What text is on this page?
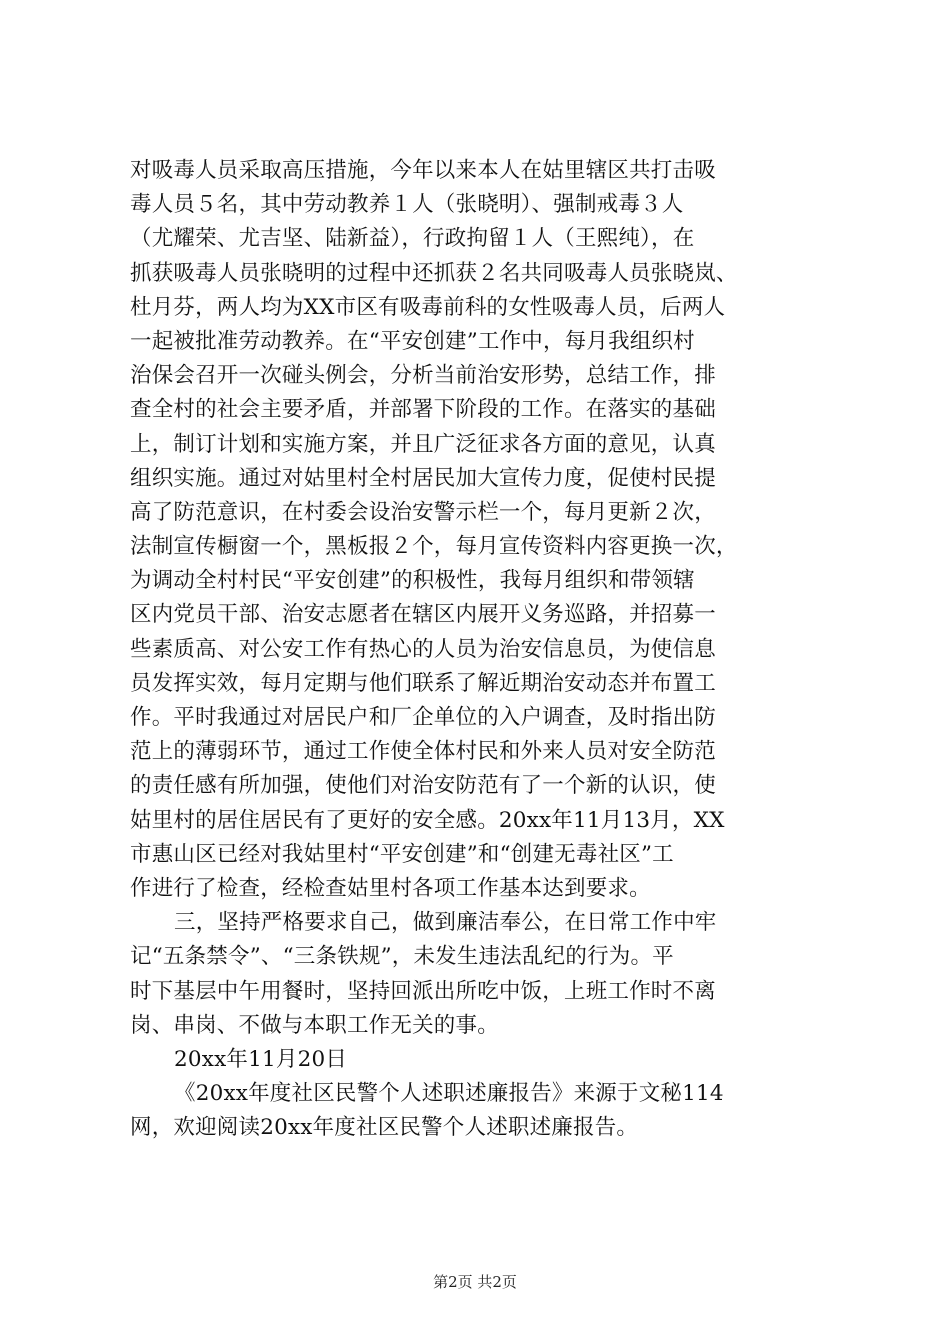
对吸毒人员采取高压措施，今年以来本人在姑里辖区共打击吸
毒人员５名，其中劳动教养１人（张晓明）、强制戒毒３人
（尤耀荣、尤吉坚、陆新益），行政拘留１人（王熙纯），在
抓获吸毒人员张晓明的过程中还抓获２名共同吸毒人员张晓岚、
杜月芬，两人均为XX市区有吸毒前科的女性吸毒人员，后两人
一起被批准劳动教养。在“平安创建”工作中，每月我组织村
治保会召开一次碰头例会，分析当前治安形势，总结工作，排
查全村的社会主要矛盾，并部署下阶段的工作。在落实的基础
上，制订计划和实施方案，并且广泛征求各方面的意见，认真
组织实施。通过对姑里村全村居民加大宣传力度，促使村民提
高了防范意识，在村委会设治安警示栏一个，每月更新２次，
法制宣传橱窗一个，黑板报２个，每月宣传资料内容更换一次，
为调动全村村民“平安创建”的积极性，我每月组织和带领辖
区内党员干部、治安志愿者在辖区内展开义务巡路，并招募一
些素质高、对公安工作有热心的人员为治安信息员，为使信息
员发挥实效，每月定期与他们联系了解近期治安动态并布置工
作。平时我通过对居民户和厂企单位的入户调查，及时指出防
范上的薄弱环节，通过工作使全体村民和外来人员对安全防范
的责任感有所加强，使他们对治安防范有了一个新的认识，使
姑里村的居住居民有了更好的安全感。20xx年11月13月，XX
市惠山区已经对我姑里村“平安创建”和“创建无毒社区”工
作进行了检查，经检查姑里村各项工作基本达到要求。
三，坚持严格要求自己，做到廉洁奉公，在日常工作中牢
记“五条禁令”、“三条铁规”，未发生违法乱纪的行为。平
时下基层中午用餐时，坚持回派出所吃中饭，上班工作时不离
岗、串岗、不做与本职工作无关的事。
20xx年11月20日
《20xx年度社区民警个人述职述廉报告》来源于文秘114
网，欢迎阅读20xx年度社区民警个人述职述廉报告。
第2页 共2页
